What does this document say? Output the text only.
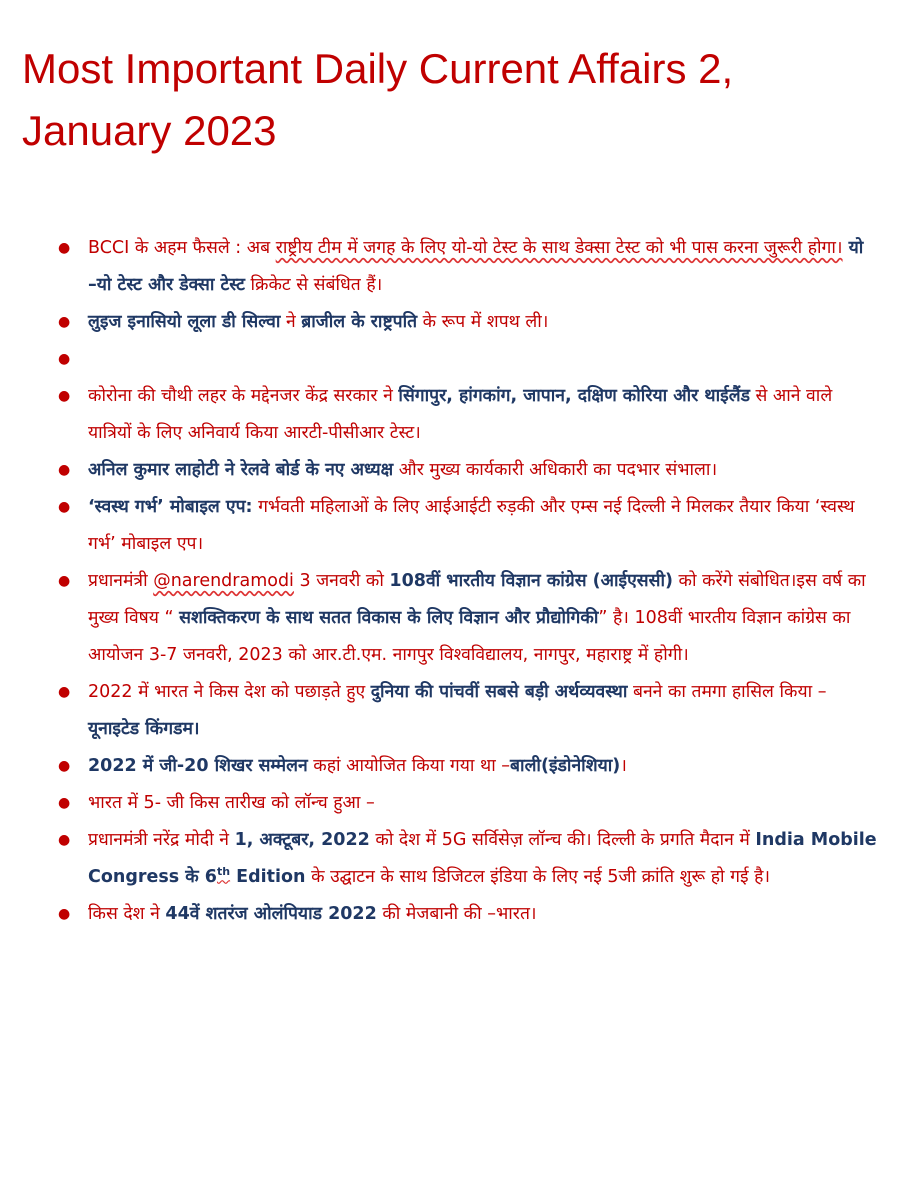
Most Important Daily Current Affairs 2, January 2023
● BCCI के अहम फैसले : अब राष्ट्रीय टीम में जगह के लिए यो-यो टेस्ट के साथ डेक्सा टेस्ट को भी पास करना जुरूरी होगा। यो –यो टेस्ट और डेक्सा टेस्ट क्रिकेट से संबंधित हैं।
● लुइज इनासियो लूला डी सिल्वा ने ब्राजील के राष्ट्रपति के रूप में शपथ ली।
●

● कोरोना की चौथी लहर के मद्देनजर केंद्र सरकार ने सिंगापुर, हांगकांग, जापान, दक्षिण कोरिया और थाईलैंड से आने वाले यात्रियों के लिए अनिवार्य किया आरटी-पीसीआर टेस्ट।
● अनिल कुमार लाहोटी ने रेलवे बोर्ड के नए अध्यक्ष और मुख्य कार्यकारी अधिकारी का पदभार संभाला।
● ‘स्वस्थ गर्भ’ मोबाइल एप: गर्भवती महिलाओं के लिए आईआईटी रुड़की और एम्स नई दिल्ली ने मिलकर तैयार किया ‘स्वस्थ गर्भ’ मोबाइल एप।
● प्रधानमंत्री @narendramodi 3 जनवरी को 108वीं भारतीय विज्ञान कांग्रेस (आईएससी) को करेंगे संबोधित।इस वर्ष का मुख्य विषय “ सशक्तिकरण के साथ सतत विकास के लिए विज्ञान और प्रौद्योगिकी” है। 108वीं भारतीय विज्ञान कांग्रेस का आयोजन 3-7 जनवरी, 2023 को आर.टी.एम. नागपुर विश्वविद्यालय, नागपुर, महाराष्ट्र में होगी।
● 2022 में भारत ने किस देश को पछाड़ते हुए दुनिया की पांचवीं सबसे बड़ी अर्थव्यवस्था बनने का तमगा हासिल किया –यूनाइटेड किंगडम।
● 2022 में जी-20 शिखर सम्मेलन कहां आयोजित किया गया था –बाली(इंडोनेशिया)।
● भारत में 5- जी किस तारीख को लॉन्च हुआ –
● प्रधानमंत्री नरेंद्र मोदी ने 1, अक्टूबर, 2022 को देश में 5G सर्विसेज़ लॉन्च की। दिल्ली के प्रगति मैदान में India Mobile Congress के 6th Edition के उद्घाटन के साथ डिजिटल इंडिया के लिए नई 5जी क्रांति शुरू हो गई है।
● किस देश ने 44वें शतरंज ओलंपियाड 2022 की मेजबानी की –भारत।
